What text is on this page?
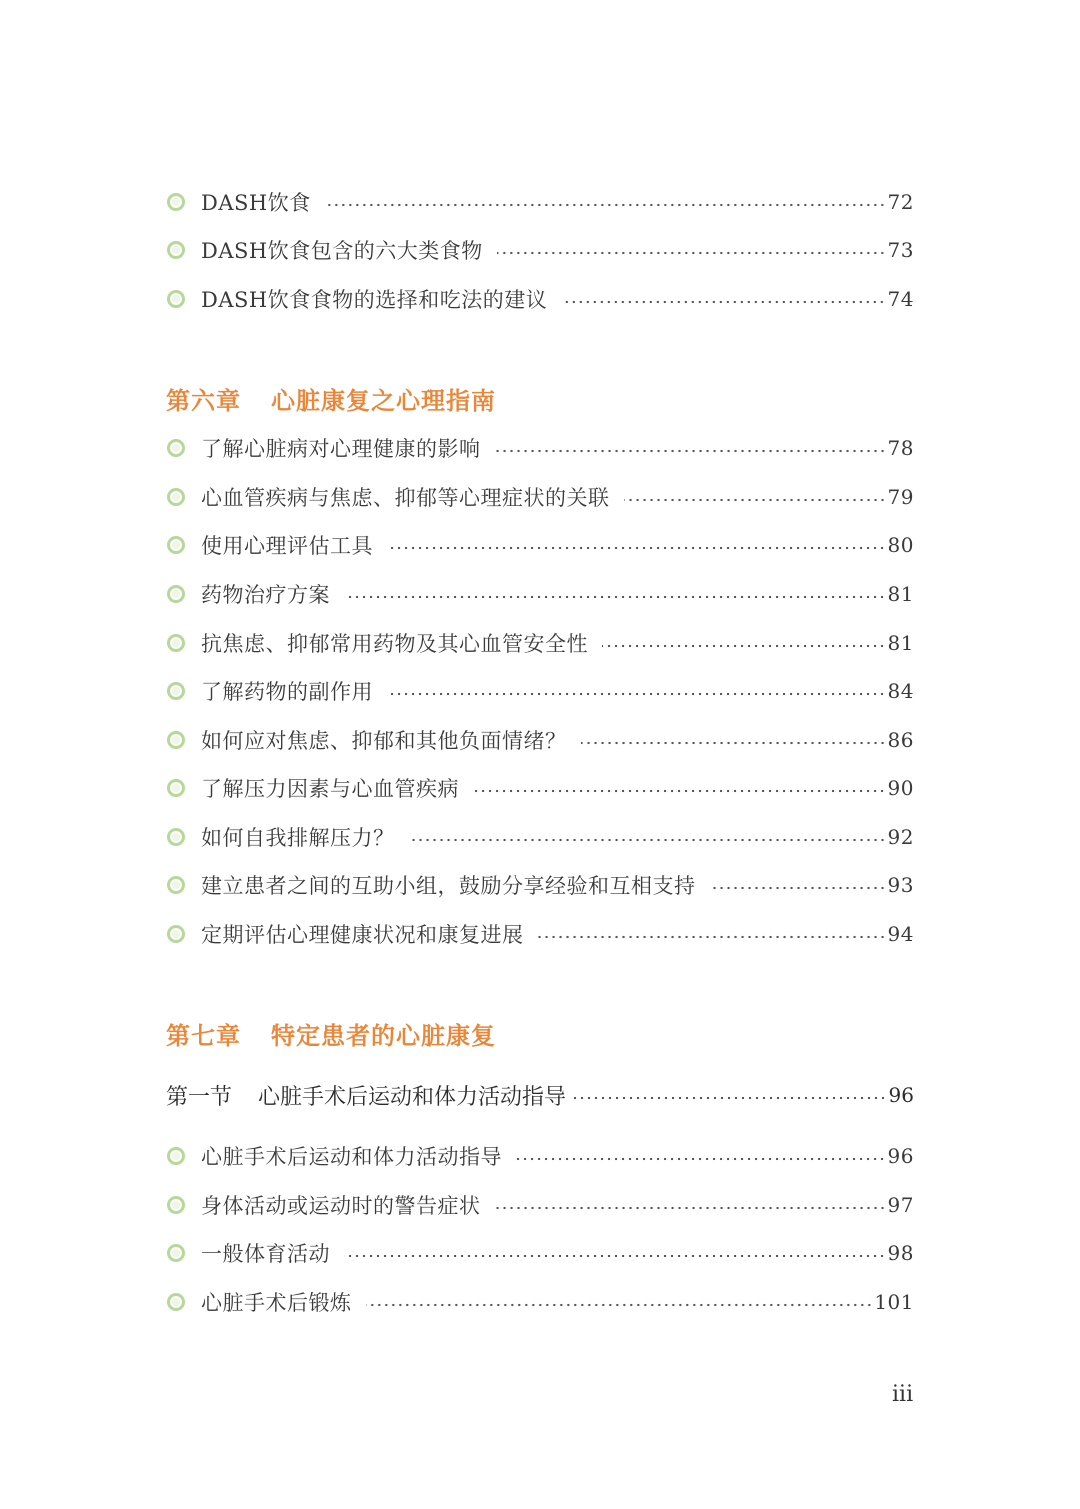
DASH饮食	72
DASH饮食包含的六大类食物	73
DASH饮食食物的选择和吃法的建议	74
第六章 心脏康复之心理指南
了解心脏病对心理健康的影响	78
心血管疾病与焦虑、抑郁等心理症状的关联	79
使用心理评估工具	80
药物治疗方案	81
抗焦虑、抑郁常用药物及其心血管安全性	81
了解药物的副作用	84
如何应对焦虑、抑郁和其他负面情绪？	86
了解压力因素与心血管疾病	90
如何自我排解压力？	92
建立患者之间的互助小组，鼓励分享经验和互相支持	93
定期评估心理健康状况和康复进展	94
第七章 特定患者的心脏康复
第一节 心脏手术后运动和体力活动指导	96
心脏手术后运动和体力活动指导	96
身体活动或运动时的警告症状	97
一般体育活动	98
心脏手术后锻炼	101
iii
